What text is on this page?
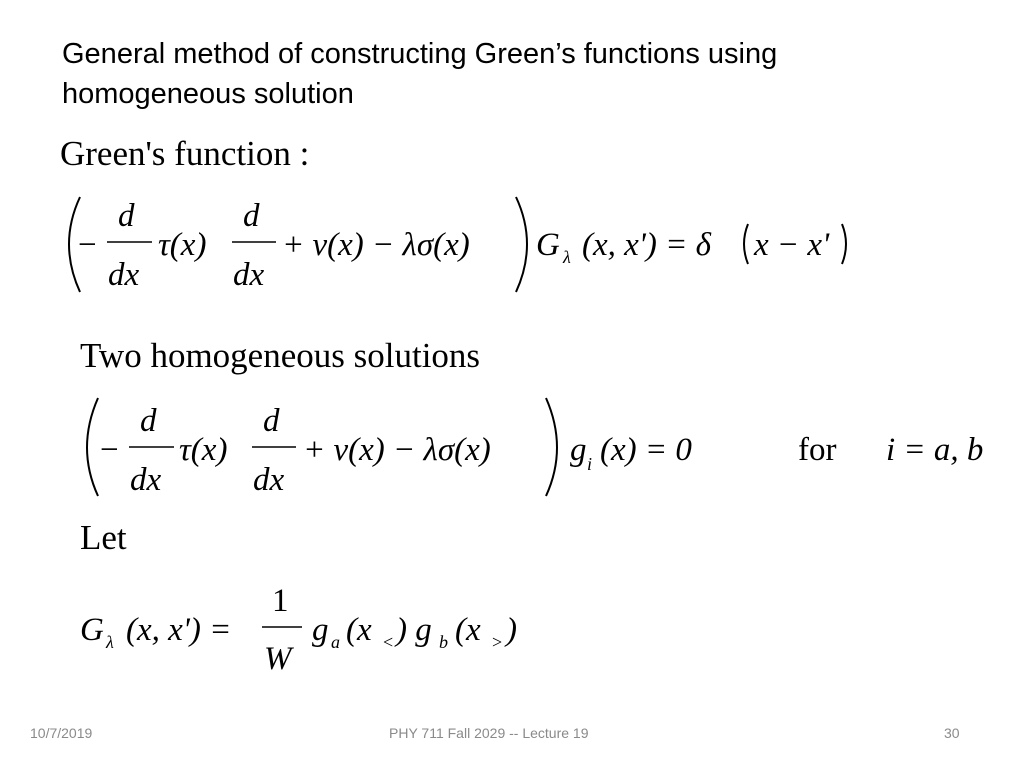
General method of constructing Green’s functions using
homogeneous solution
Green's function :
−
d
dx
τ(x)
d
dx
+ v(x) − λσ(x) G λ (x, x') = δ x − x'
Two homogeneous solutions
−
d
dx
τ(x)
d
dx
+ v(x) − λσ(x) g i (x) = 0	for i = a, b
Let
G λ (x, x') =
1
W
g a (x < ) g b (x > )
10/7/2019	PHY 711 Fall 2029 -- Lecture 19	30
